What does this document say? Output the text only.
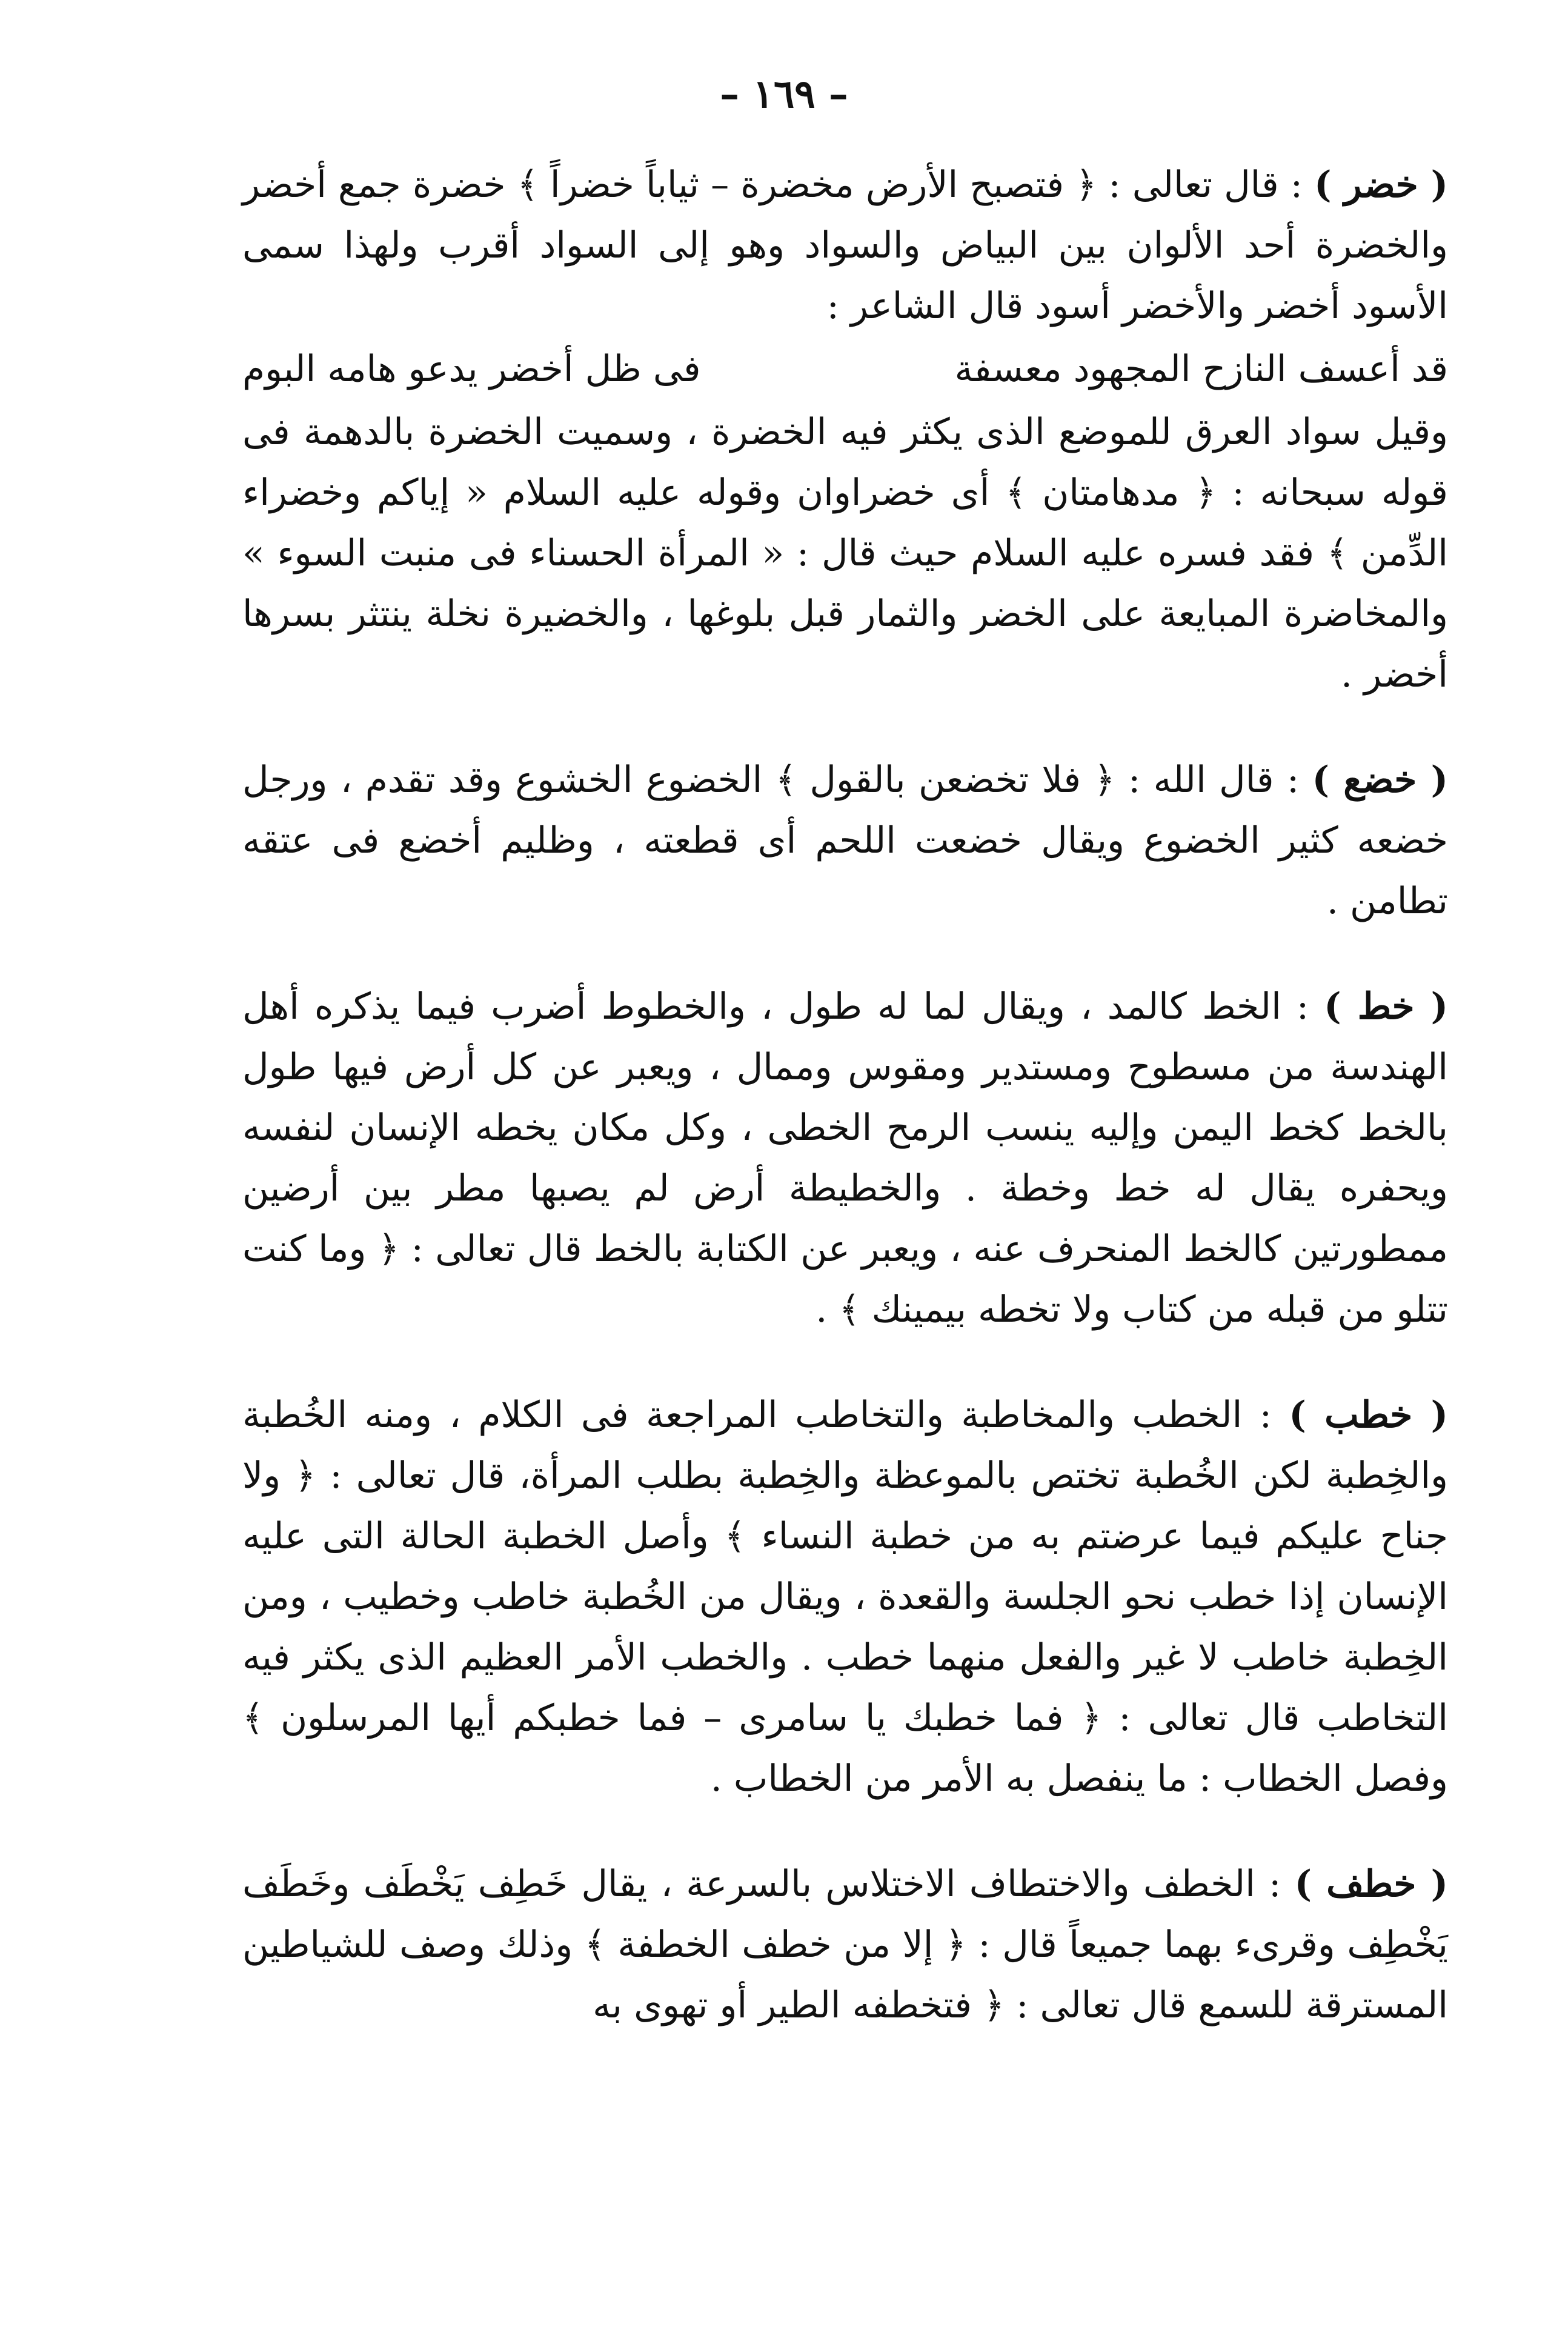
– ١٦٩ –

( خضر ) : قال تعالى : ﴿ فتصبح الأرض مخضرة – ثياباً خضراً ﴾ خضرة جمع أخضر والخضرة أحد الألوان بين البياض والسواد وهو إلى السواد أقرب ولهذا سمى الأسود أخضر والأخضر أسود قال الشاعر :

قد أعسف النازح المجهود معسفة
فى ظل أخضر يدعو هامه البوم

وقيل سواد العرق للموضع الذى يكثر فيه الخضرة ، وسميت الخضرة بالدهمة فى قوله سبحانه : ﴿ مدهامتان ﴾ أى خضراوان وقوله عليه السلام « إياكم وخضراء الدِّمن ﴾ فقد فسره عليه السلام حيث قال : « المرأة الحسناء فى منبت السوء » والمخاضرة المبايعة على الخضر والثمار قبل بلوغها ، والخضيرة نخلة ينتثر بسرها أخضر .

( خضع ) : قال الله : ﴿ فلا تخضعن بالقول ﴾ الخضوع الخشوع وقد تقدم ، ورجل خضعه كثير الخضوع ويقال خضعت اللحم أى قطعته ، وظليم أخضع فى عتقه تطامن .

( خط ) : الخط كالمد ، ويقال لما له طول ، والخطوط أضرب فيما يذكره أهل الهندسة من مسطوح ومستدير ومقوس وممال ، ويعبر عن كل أرض فيها طول بالخط كخط اليمن وإليه ينسب الرمح الخطى ، وكل مكان يخطه الإنسان لنفسه ويحفره يقال له خط وخطة . والخطيطة أرض لم يصبها مطر بين أرضين ممطورتين كالخط المنحرف عنه ، ويعبر عن الكتابة بالخط قال تعالى : ﴿ وما كنت تتلو من قبله من كتاب ولا تخطه بيمينك ﴾ .

( خطب ) : الخطب والمخاطبة والتخاطب المراجعة فى الكلام ، ومنه الخُطبة والخِطبة لكن الخُطبة تختص بالموعظة والخِطبة بطلب المرأة، قال تعالى : ﴿ ولا جناح عليكم فيما عرضتم به من خطبة النساء ﴾ وأصل الخطبة الحالة التى عليه الإنسان إذا خطب نحو الجلسة والقعدة ، ويقال من الخُطبة خاطب وخطيب ، ومن الخِطبة خاطب لا غير والفعل منهما خطب . والخطب الأمر العظيم الذى يكثر فيه التخاطب قال تعالى : ﴿ فما خطبك يا سامرى – فما خطبكم أيها المرسلون ﴾ وفصل الخطاب : ما ينفصل به الأمر من الخطاب .

( خطف ) : الخطف والاختطاف الاختلاس بالسرعة ، يقال خَطِف يَخْطَف وخَطَف يَخْطِف وقرىء بهما جميعاً قال : ﴿ إلا من خطف الخطفة ﴾ وذلك وصف للشياطين المسترقة للسمع قال تعالى : ﴿ فتخطفه الطير أو تهوى به
